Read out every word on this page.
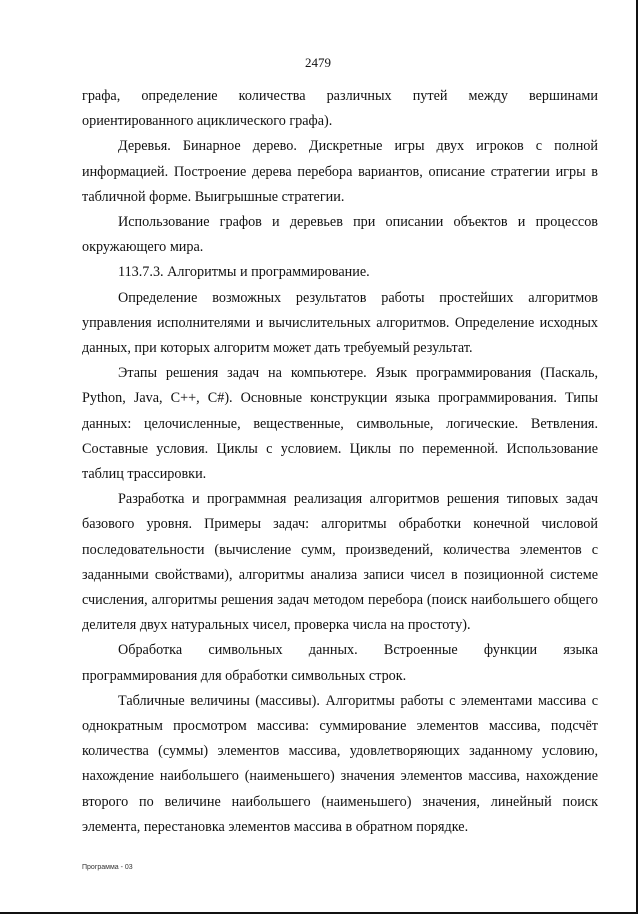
2479

графа, определение количества различных путей между вершинами ориентированного ациклического графа).

Деревья. Бинарное дерево. Дискретные игры двух игроков с полной информацией. Построение дерева перебора вариантов, описание стратегии игры в табличной форме. Выигрышные стратегии.

Использование графов и деревьев при описании объектов и процессов окружающего мира.

113.7.3. Алгоритмы и программирование.

Определение возможных результатов работы простейших алгоритмов управления исполнителями и вычислительных алгоритмов. Определение исходных данных, при которых алгоритм может дать требуемый результат.

Этапы решения задач на компьютере. Язык программирования (Паскаль, Python, Java, C++, C#). Основные конструкции языка программирования. Типы данных: целочисленные, вещественные, символьные, логические. Ветвления. Составные условия. Циклы с условием. Циклы по переменной. Использование таблиц трассировки.

Разработка и программная реализация алгоритмов решения типовых задач базового уровня. Примеры задач: алгоритмы обработки конечной числовой последовательности (вычисление сумм, произведений, количества элементов с заданными свойствами), алгоритмы анализа записи чисел в позиционной системе счисления, алгоритмы решения задач методом перебора (поиск наибольшего общего делителя двух натуральных чисел, проверка числа на простоту).

Обработка символьных данных. Встроенные функции языка программирования для обработки символьных строк.

Табличные величины (массивы). Алгоритмы работы с элементами массива с однократным просмотром массива: суммирование элементов массива, подсчёт количества (суммы) элементов массива, удовлетворяющих заданному условию, нахождение наибольшего (наименьшего) значения элементов массива, нахождение второго по величине наибольшего (наименьшего) значения, линейный поиск элемента, перестановка элементов массива в обратном порядке.

Программа - 03
